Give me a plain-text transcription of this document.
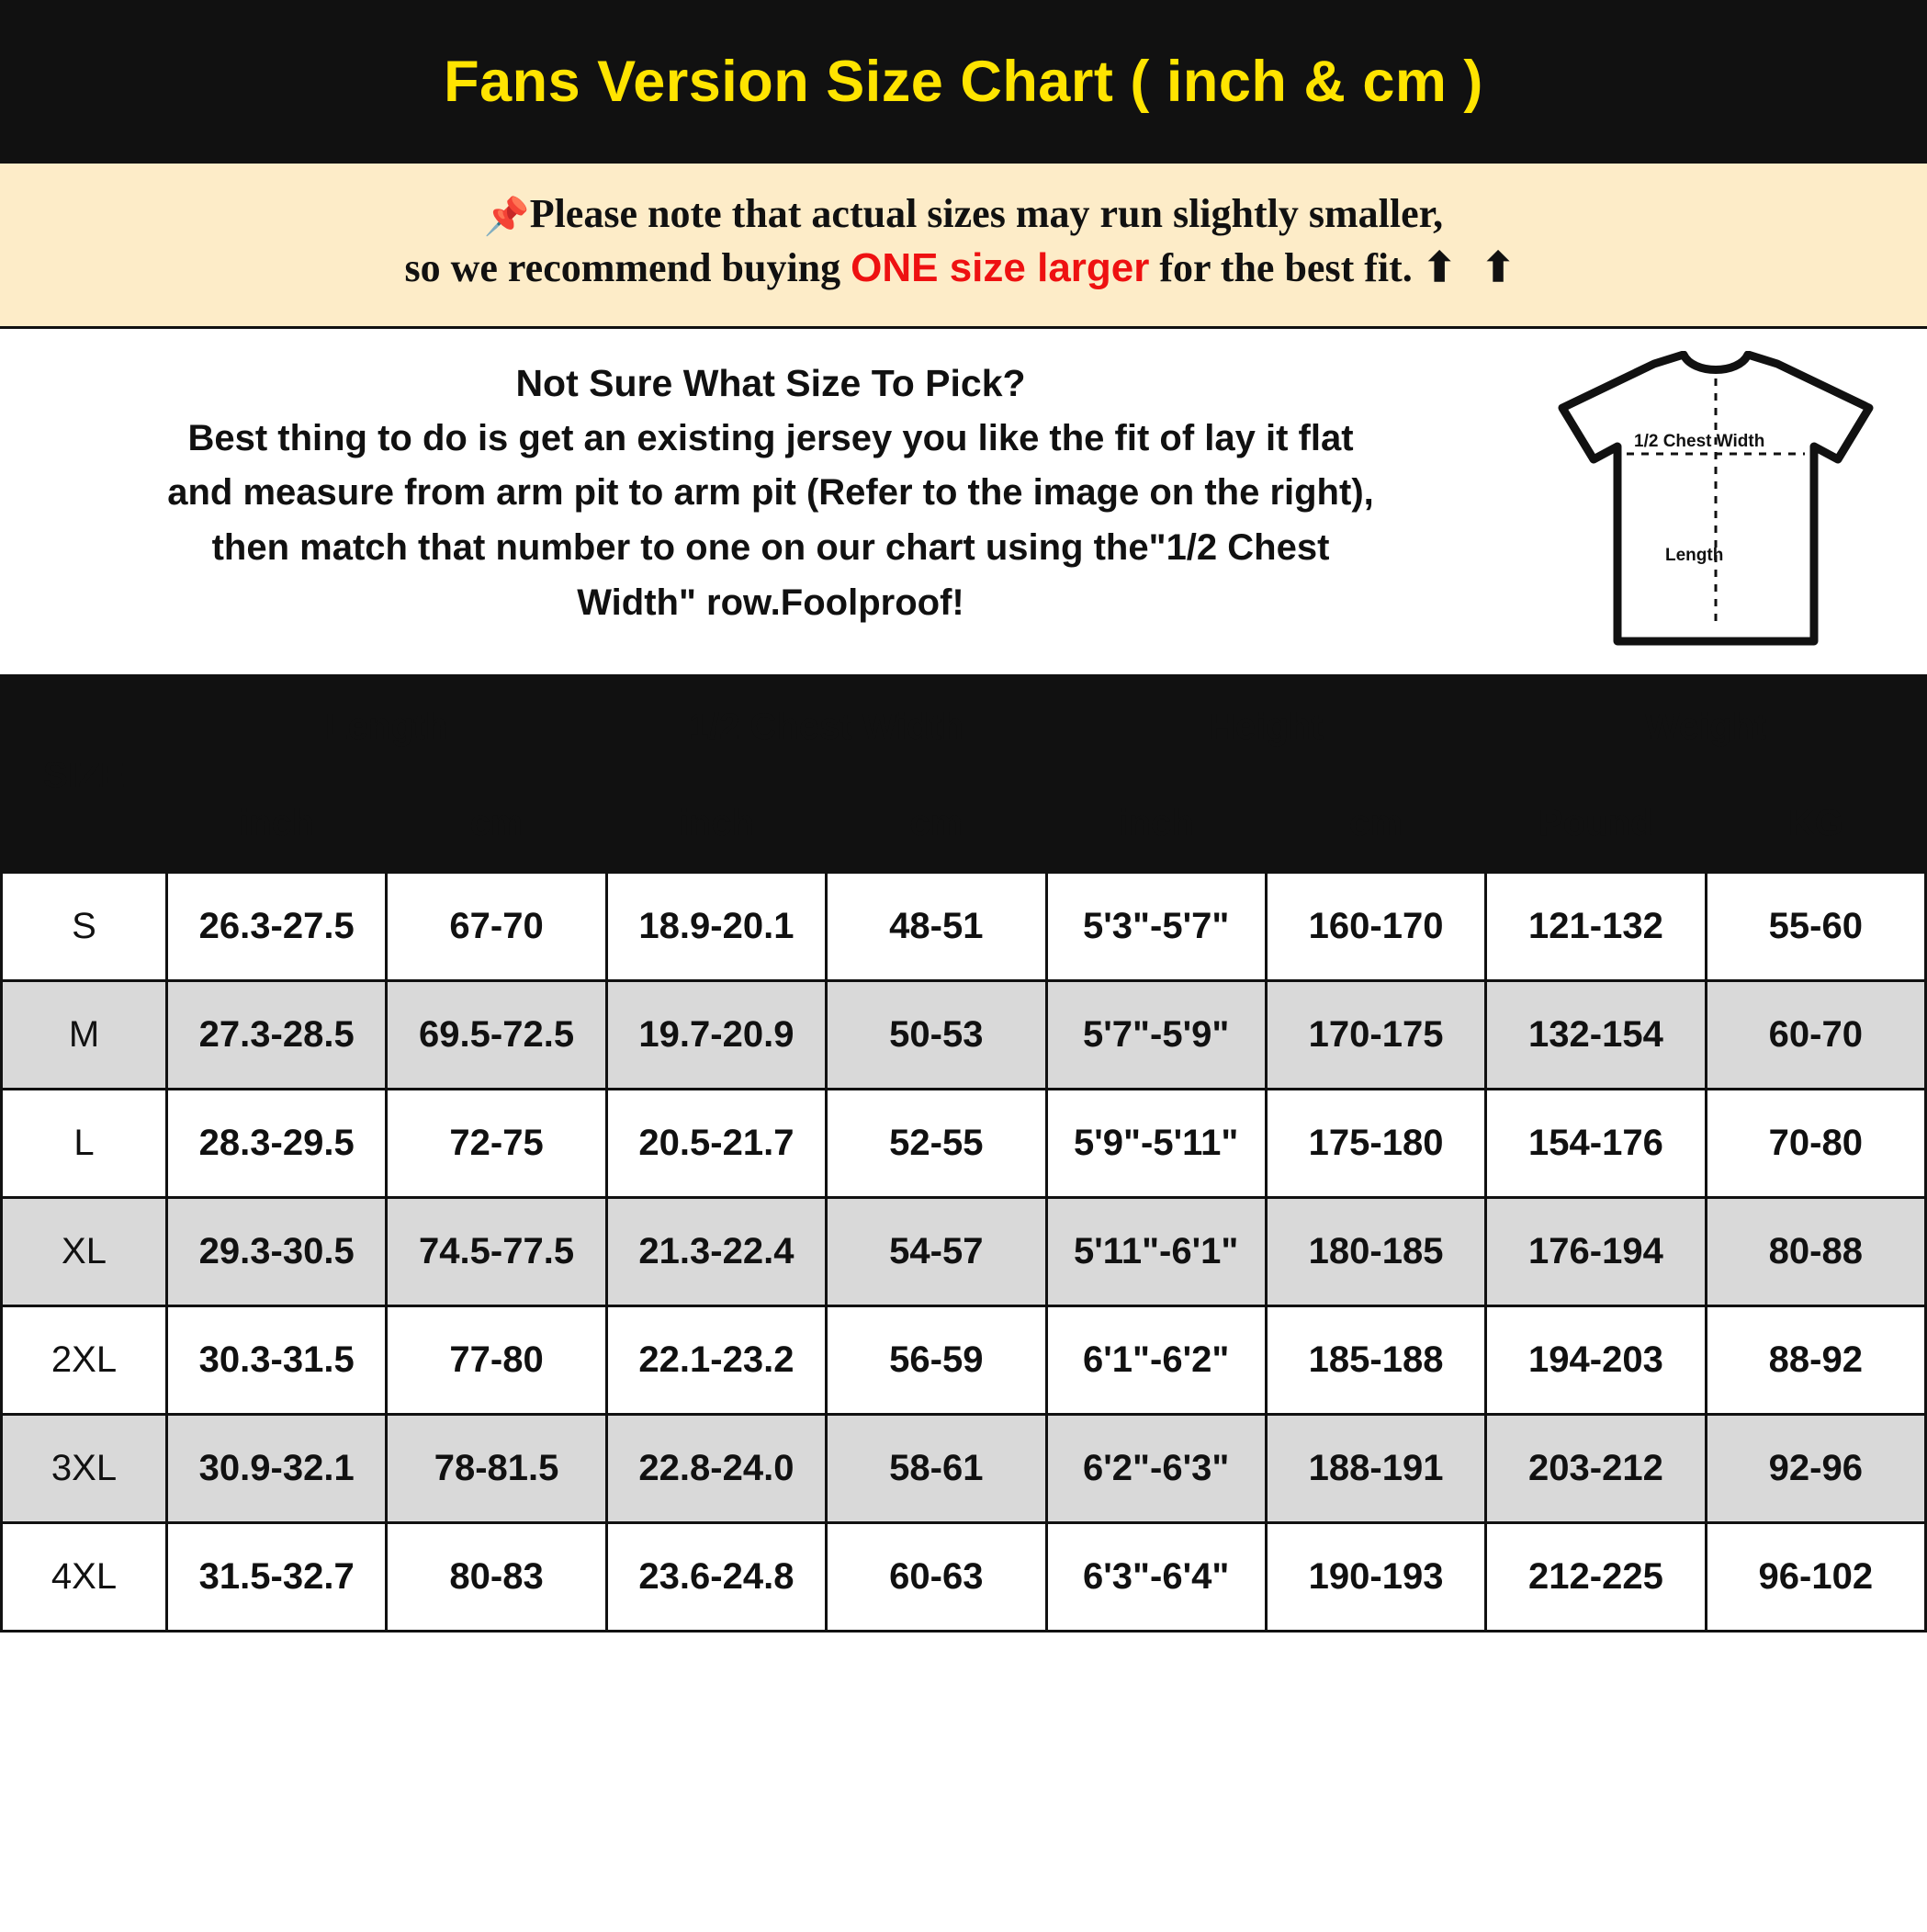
Fans Version Size Chart ( inch & cm )
📌Please note that actual sizes may run slightly smaller,
so we recommend buying ONE size larger for the best fit. ⬆ ⬆

Not Sure What Size To Pick?

Best thing to do is get an existing jersey you like the fit of lay it flat

and measure from arm pit to arm pit (Refer to the image on the right),

then match that number to one on our chart using the"1/2 Chest

Width" row.Foolproof!

1/2 Chest Width
Length
SIZE	Length		1/2 Chest Width		Height		Weight	
	inch	cm	inch	cm	inch	cm	Pound	KG
S	26.3-27.5	67-70	18.9-20.1	48-51	5'3"-5'7"	160-170	121-132	55-60
M	27.3-28.5	69.5-72.5	19.7-20.9	50-53	5'7"-5'9"	170-175	132-154	60-70
L	28.3-29.5	72-75	20.5-21.7	52-55	5'9"-5'11"	175-180	154-176	70-80
XL	29.3-30.5	74.5-77.5	21.3-22.4	54-57	5'11"-6'1"	180-185	176-194	80-88
2XL	30.3-31.5	77-80	22.1-23.2	56-59	6'1"-6'2"	185-188	194-203	88-92
3XL	30.9-32.1	78-81.5	22.8-24.0	58-61	6'2"-6'3"	188-191	203-212	92-96
4XL	31.5-32.7	80-83	23.6-24.8	60-63	6'3"-6'4"	190-193	212-225	96-102
